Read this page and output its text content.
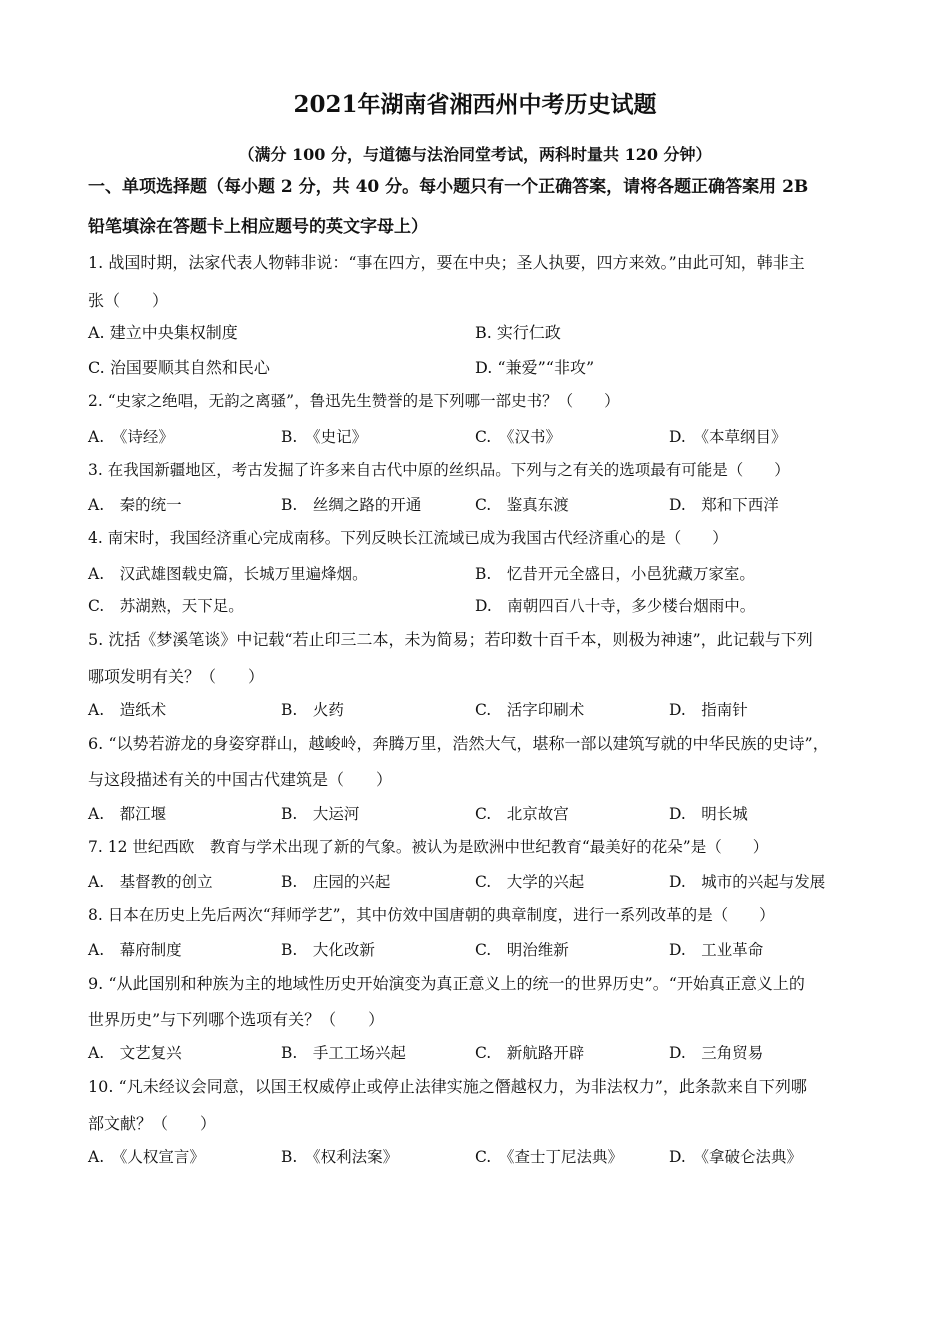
2021年湖南省湘西州中考历史试题
（满分 100 分，与道德与法治同堂考试，两科时量共 120 分钟）
一、单项选择题（每小题 2 分，共 40 分。每小题只有一个正确答案，请将各题正确答案用 2B
铅笔填涂在答题卡上相应题号的英文字母上）
1. 战国时期，法家代表人物韩非说：“事在四方，要在中央；圣人执要，四方来效。”由此可知，韩非主
张（　　）
A. 建立中央集权制度	B. 实行仁政
C. 治国要顺其自然和民心	D. “兼爱”“非攻”
2. “史家之绝唱，无韵之离骚”，鲁迅先生赞誉的是下列哪一部史书？（　　）
A.　《诗经》	B.　《史记》	C.　《汉书》	D.　《本草纲目》
3. 在我国新疆地区，考古发掘了许多来自古代中原的丝织品。下列与之有关的选项最有可能是（　　）
A.　秦的统一	B.　丝绸之路的开通	C.　鉴真东渡	D.　郑和下西洋
4. 南宋时，我国经济重心完成南移。下列反映长江流域已成为我国古代经济重心的是（　　）
A.　汉武雄图载史篇，长城万里遍烽烟。	B.　忆昔开元全盛日，小邑犹藏万家室。
C.　苏湖熟，天下足。	D.　南朝四百八十寺，多少楼台烟雨中。
5. 沈括《梦溪笔谈》中记载“若止印三二本，未为简易；若印数十百千本，则极为神速”，此记载与下列
哪项发明有关？（　　）
A.　造纸术	B.　火药	C.　活字印刷术	D.　指南针
6. “以势若游龙的身姿穿群山，越峻岭，奔腾万里，浩然大气，堪称一部以建筑写就的中华民族的史诗”，
与这段描述有关的中国古代建筑是（　　）
A.　都江堰	B.　大运河	C.　北京故宫	D.　明长城
7. 12 世纪西欧　教育与学术出现了新的气象。被认为是欧洲中世纪教育“最美好的花朵”是（　　）
A.　基督教的创立	B.　庄园的兴起	C.　大学的兴起	D.　城市的兴起与发展
8. 日本在历史上先后两次“拜师学艺”，其中仿效中国唐朝的典章制度，进行一系列改革的是（　　）
A.　幕府制度	B.　大化改新	C.　明治维新	D.　工业革命
9. “从此国别和种族为主的地域性历史开始演变为真正意义上的统一的世界历史”。“开始真正意义上的
世界历史”与下列哪个选项有关？（　　）
A.　文艺复兴	B.　手工工场兴起	C.　新航路开辟	D.　三角贸易
10. “凡未经议会同意，以国王权威停止或停止法律实施之僭越权力，为非法权力”，此条款来自下列哪
部文献？（　　）
A.　《人权宣言》	B.　《权利法案》	C.　《查士丁尼法典》	D.　《拿破仑法典》
